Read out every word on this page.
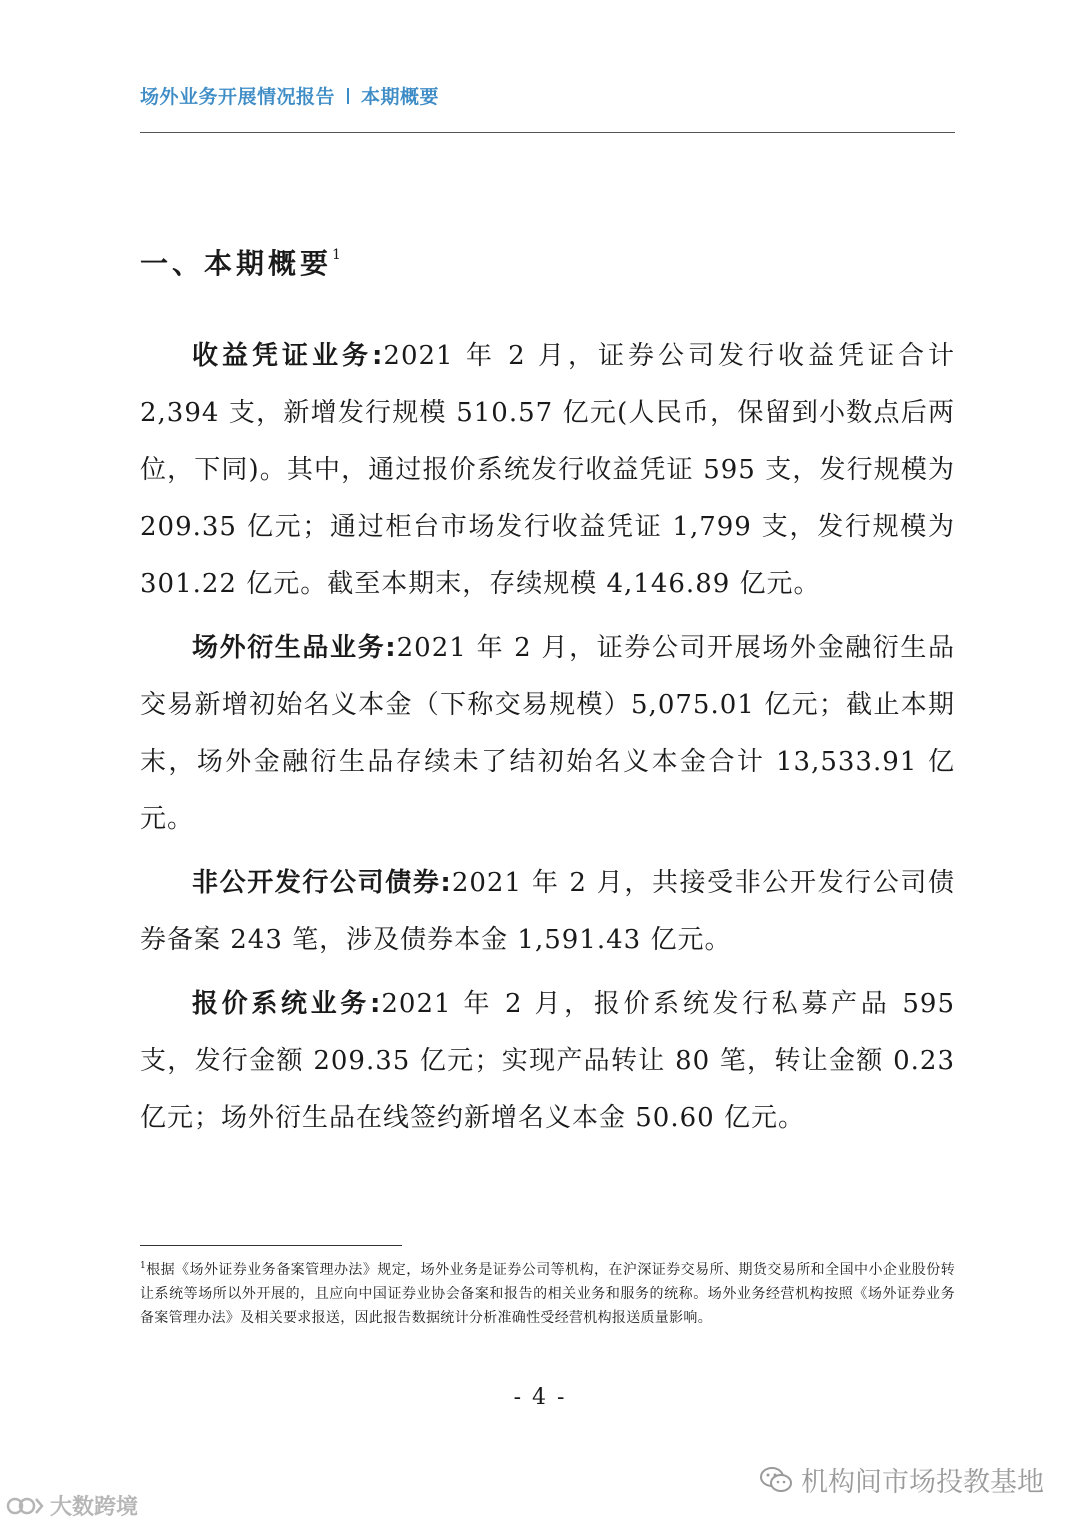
场外业务开展情况报告 本期概要
一、本期概要$^1$

收益凭证业务:2021 年 2 月，证券公司发行收益凭证合计 2,394 支，新增发行规模 510.57 亿元(人民币，保留到小数点后两位，下同)。其中，通过报价系统发行收益凭证 595 支，发行规模为 209.35 亿元；通过柜台市场发行收益凭证 1,799 支，发行规模为 301.22 亿元。截至本期末，存续规模 4,146.89 亿元。

场外衍生品业务:2021 年 2 月，证券公司开展场外金融衍生品交易新增初始名义本金（下称交易规模）5,075.01 亿元；截止本期末，场外金融衍生品存续未了结初始名义本金合计 13,533.91 亿元。

非公开发行公司债券:2021 年 2 月，共接受非公开发行公司债券备案 243 笔，涉及债券本金 1,591.43 亿元。

报价系统业务:2021 年 2 月，报价系统发行私募产品 595 支，发行金额 209.35 亿元；实现产品转让 80 笔，转让金额 0.23 亿元；场外衍生品在线签约新增名义本金 50.60 亿元。

$^1$根据《场外证券业务备案管理办法》规定，场外业务是证券公司等机构，在沪深证券交易所、期货交易所和全国中小企业股份转让系统等场所以外开展的，且应向中国证券业协会备案和报告的相关业务和服务的统称。场外业务经营机构按照《场外证券业务备案管理办法》及相关要求报送，因此报告数据统计分析准确性受经营机构报送质量影响。
- 4 -
机构间市场投教基地
大数跨境
